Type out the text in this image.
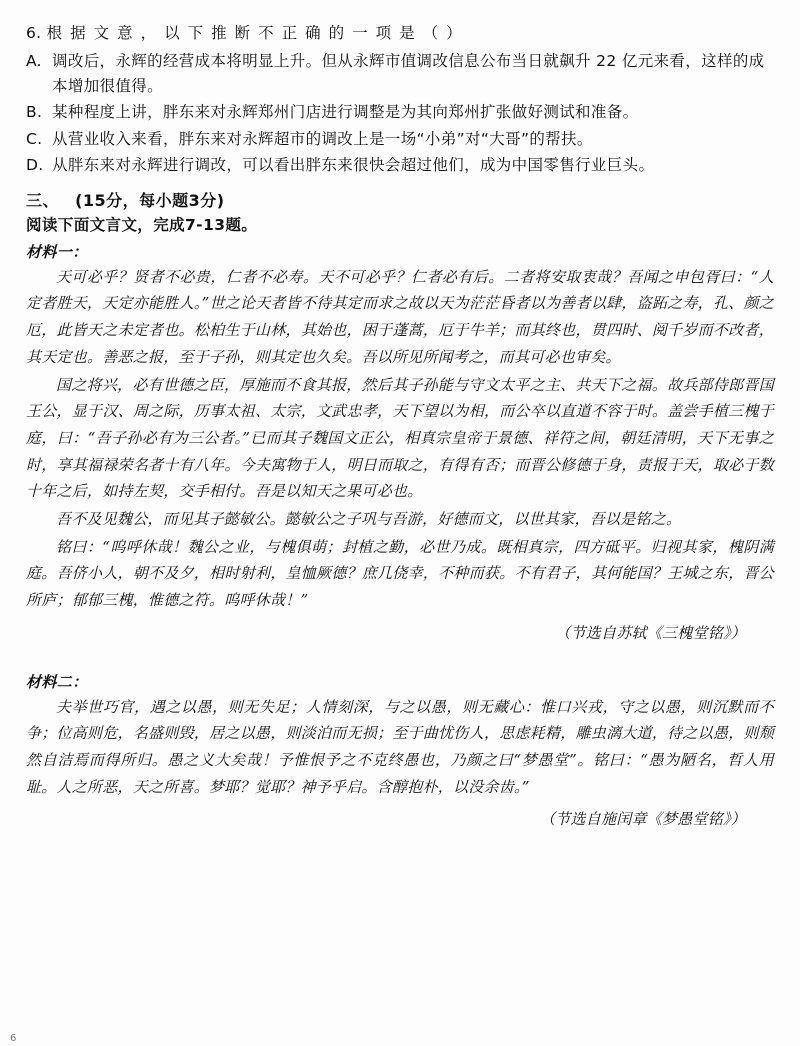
6. 根据文意，以下推断不正确的一项是（）
A. 调改后，永辉的经营成本将明显上升。但从永辉市值调改信息公布当日就飙升 22 亿元来看，这样的成本增加很值得。
B. 某种程度上讲，胖东来对永辉郑州门店进行调整是为其向郑州扩张做好测试和准备。
C. 从营业收入来看，胖东来对永辉超市的调改上是一场“小弟”对“大哥”的帮扶。
D. 从胖东来对永辉进行调改，可以看出胖东来很快会超过他们，成为中国零售行业巨头。
三、 (15分，每小题3分)
阅读下面文言文，完成7-13题。
材料一：

天可必乎？贤者不必贵，仁者不必寿。天不可必乎？仁者必有后。二者将安取衷哉？吾闻之申包胥曰：“人定者胜天，天定亦能胜人。”世之论天者皆不待其定而求之故以天为茫茫昏者以为善者以肆，盗跖之寿，孔、颜之厄，此皆天之未定者也。松柏生于山林，其始也，困于蓬蒿，厄于牛羊；而其终也，贯四时、阅千岁而不改者，其天定也。善恶之报，至于子孙，则其定也久矣。吾以所见所闻考之，而其可必也审矣。

国之将兴，必有世德之臣，厚施而不食其报，然后其子孙能与守文太平之主、共天下之福。故兵部侍郎晋国王公，显于汉、周之际，历事太祖、太宗，文武忠孝，天下望以为相，而公卒以直道不容于时。盖尝手植三槐于庭，曰：“吾子孙必有为三公者。”已而其子魏国文正公，相真宗皇帝于景德、祥符之间，朝廷清明，天下无事之时，享其福禄荣名者十有八年。今夫寓物于人，明日而取之，有得有否；而晋公修德于身，责报于天，取必于数十年之后，如持左契，交手相付。吾是以知天之果可必也。

吾不及见魏公，而见其子懿敏公。懿敏公之子巩与吾游，好德而文，以世其家，吾以是铭之。

铭曰：“呜呼休哉！魏公之业，与槐俱萌；封植之勤，必世乃成。既相真宗，四方砥平。归视其家，槐阴满庭。吾侪小人，朝不及夕，相时射利，皇恤厥德？庶几侥幸，不种而获。不有君子，其何能国？王城之东，晋公所庐；郁郁三槐，惟德之符。呜呼休哉！”

（节选自苏轼《三槐堂铭》）
材料二：

夫举世巧官，遇之以愚，则无失足；人情刻深，与之以愚，则无藏心：惟口兴戎，守之以愚，则沉默而不争；位高则危，名盛则毁，居之以愚，则淡泊而无损；至于曲忧伤人，思虑耗精，雕虫漓大道，待之以愚，则颓然自洁焉而得所归。愚之义大矣哉！予惟恨予之不克终愚也，乃颜之曰“梦愚堂”。铭曰：“愚为陋名，哲人用耻。人之所恶，天之所喜。梦耶？觉耶？神予乎启。含醇抱朴，以没余齿。”

（节选自施闰章《梦愚堂铭》）
6
